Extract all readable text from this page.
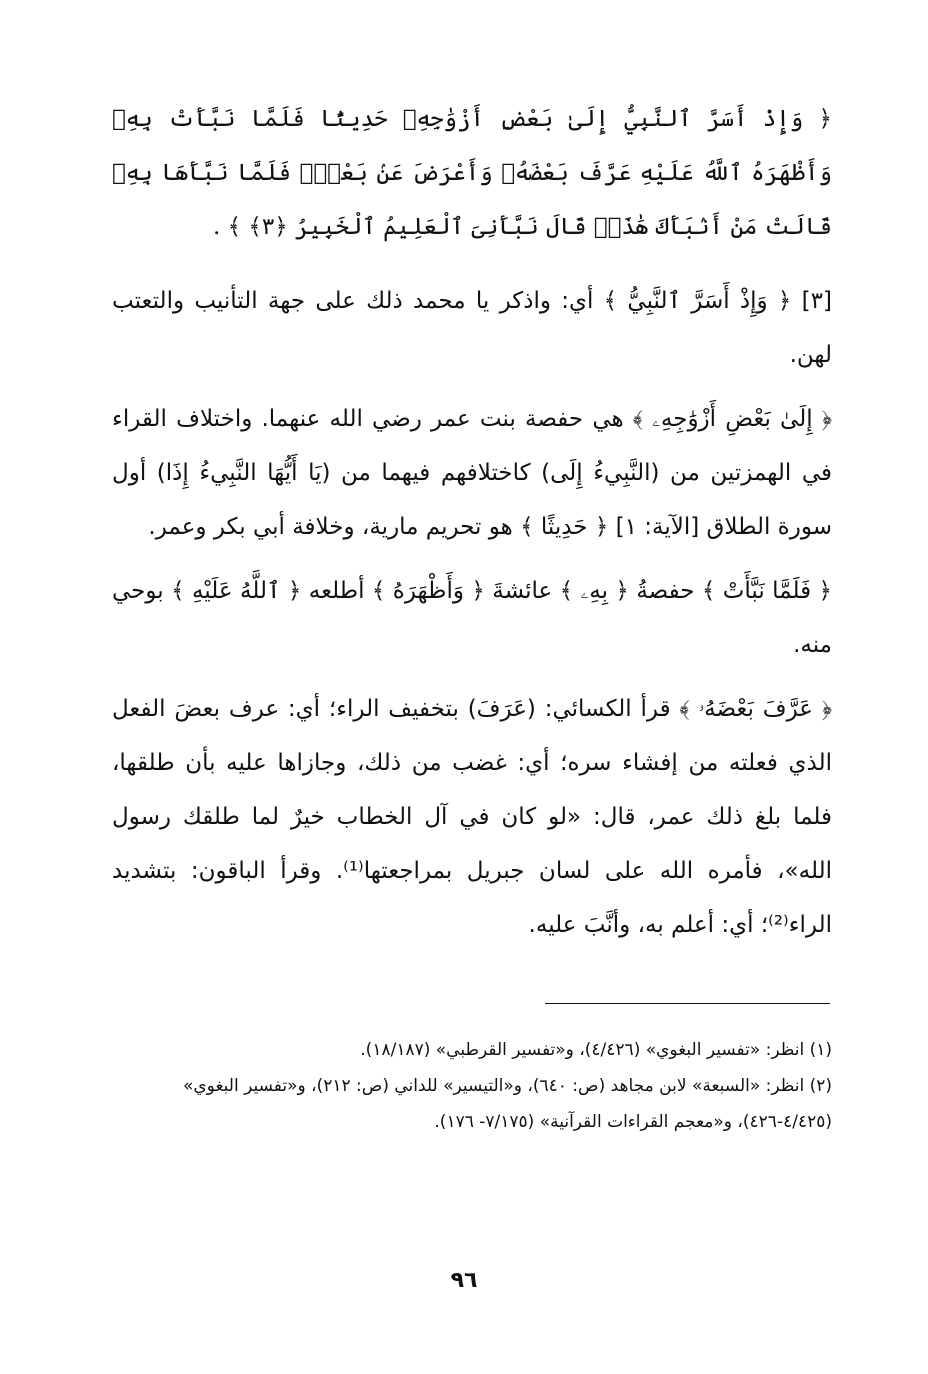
﴿ وَإِذْ أَسَرَّ ٱلنَّبِيُّ إِلَىٰ بَعْضِ أَزْوَٰجِهِۦ حَدِيثًا فَلَمَّا نَبَّأَتْ بِهِۦ وَأَظْهَرَهُ ٱللَّهُ عَلَيْهِ عَرَّفَ بَعْضَهُۥ وَأَعْرَضَ عَنۢ بَعْضٍۖ فَلَمَّا نَبَّأَهَا بِهِۦ قَالَتْ مَنْ أَنۢبَأَكَ هَٰذَاۖ قَالَ نَبَّأَنِىَ ٱلْعَلِيمُ ٱلْخَبِيرُ ﴿٣﴾ ﴾ .

[٣] ﴿ وَإِذْ أَسَرَّ ٱلنَّبِيُّ ﴾ أي: واذكر يا محمد ذلك على جهة التأنيب والتعتب لهن.

﴿ إِلَىٰ بَعْضِ أَزْوَٰجِهِۦ ﴾ هي حفصة بنت عمر رضي الله عنهما. واختلاف القراء في الهمزتين من (النَّبِيءُ إِلَى) كاختلافهم فيهما من (يَا أَيُّهَا النَّبِيءُ إِذَا) أول سورة الطلاق [الآية: ١] ﴿ حَدِيثًا ﴾ هو تحريم مارية، وخلافة أبي بكر وعمر.

﴿ فَلَمَّا نَبَّأَتْ ﴾ حفصةُ ﴿ بِهِۦ ﴾ عائشةَ ﴿ وَأَظْهَرَهُ ﴾ أطلعه ﴿ ٱللَّهُ عَلَيْهِ ﴾ بوحي منه.

﴿ عَرَّفَ بَعْضَهُۥ ﴾ قرأ الكسائي: (عَرَفَ) بتخفيف الراء؛ أي: عرف بعضَ الفعل الذي فعلته من إفشاء سره؛ أي: غضب من ذلك، وجازاها عليه بأن طلقها، فلما بلغ ذلك عمر، قال: «لو كان في آل الخطاب خيرٌ لما طلقك رسول الله»، فأمره الله على لسان جبريل بمراجعتها⁽¹⁾. وقرأ الباقون: بتشديد الراء⁽²⁾؛ أي: أعلم به، وأنَّبَ عليه.

(١) انظر: «تفسير البغوي» (٤/٤٢٦)، و«تفسير القرطبي» (١٨/١٨٧).

(٢) انظر: «السبعة» لابن مجاهد (ص: ٦٤٠)، و«التيسير» للداني (ص: ٢١٢)، و«تفسير البغوي» (٤/٤٢٥-٤٢٦)، و«معجم القراءات القرآنية» (٧/١٧٥- ١٧٦).

٩٦
